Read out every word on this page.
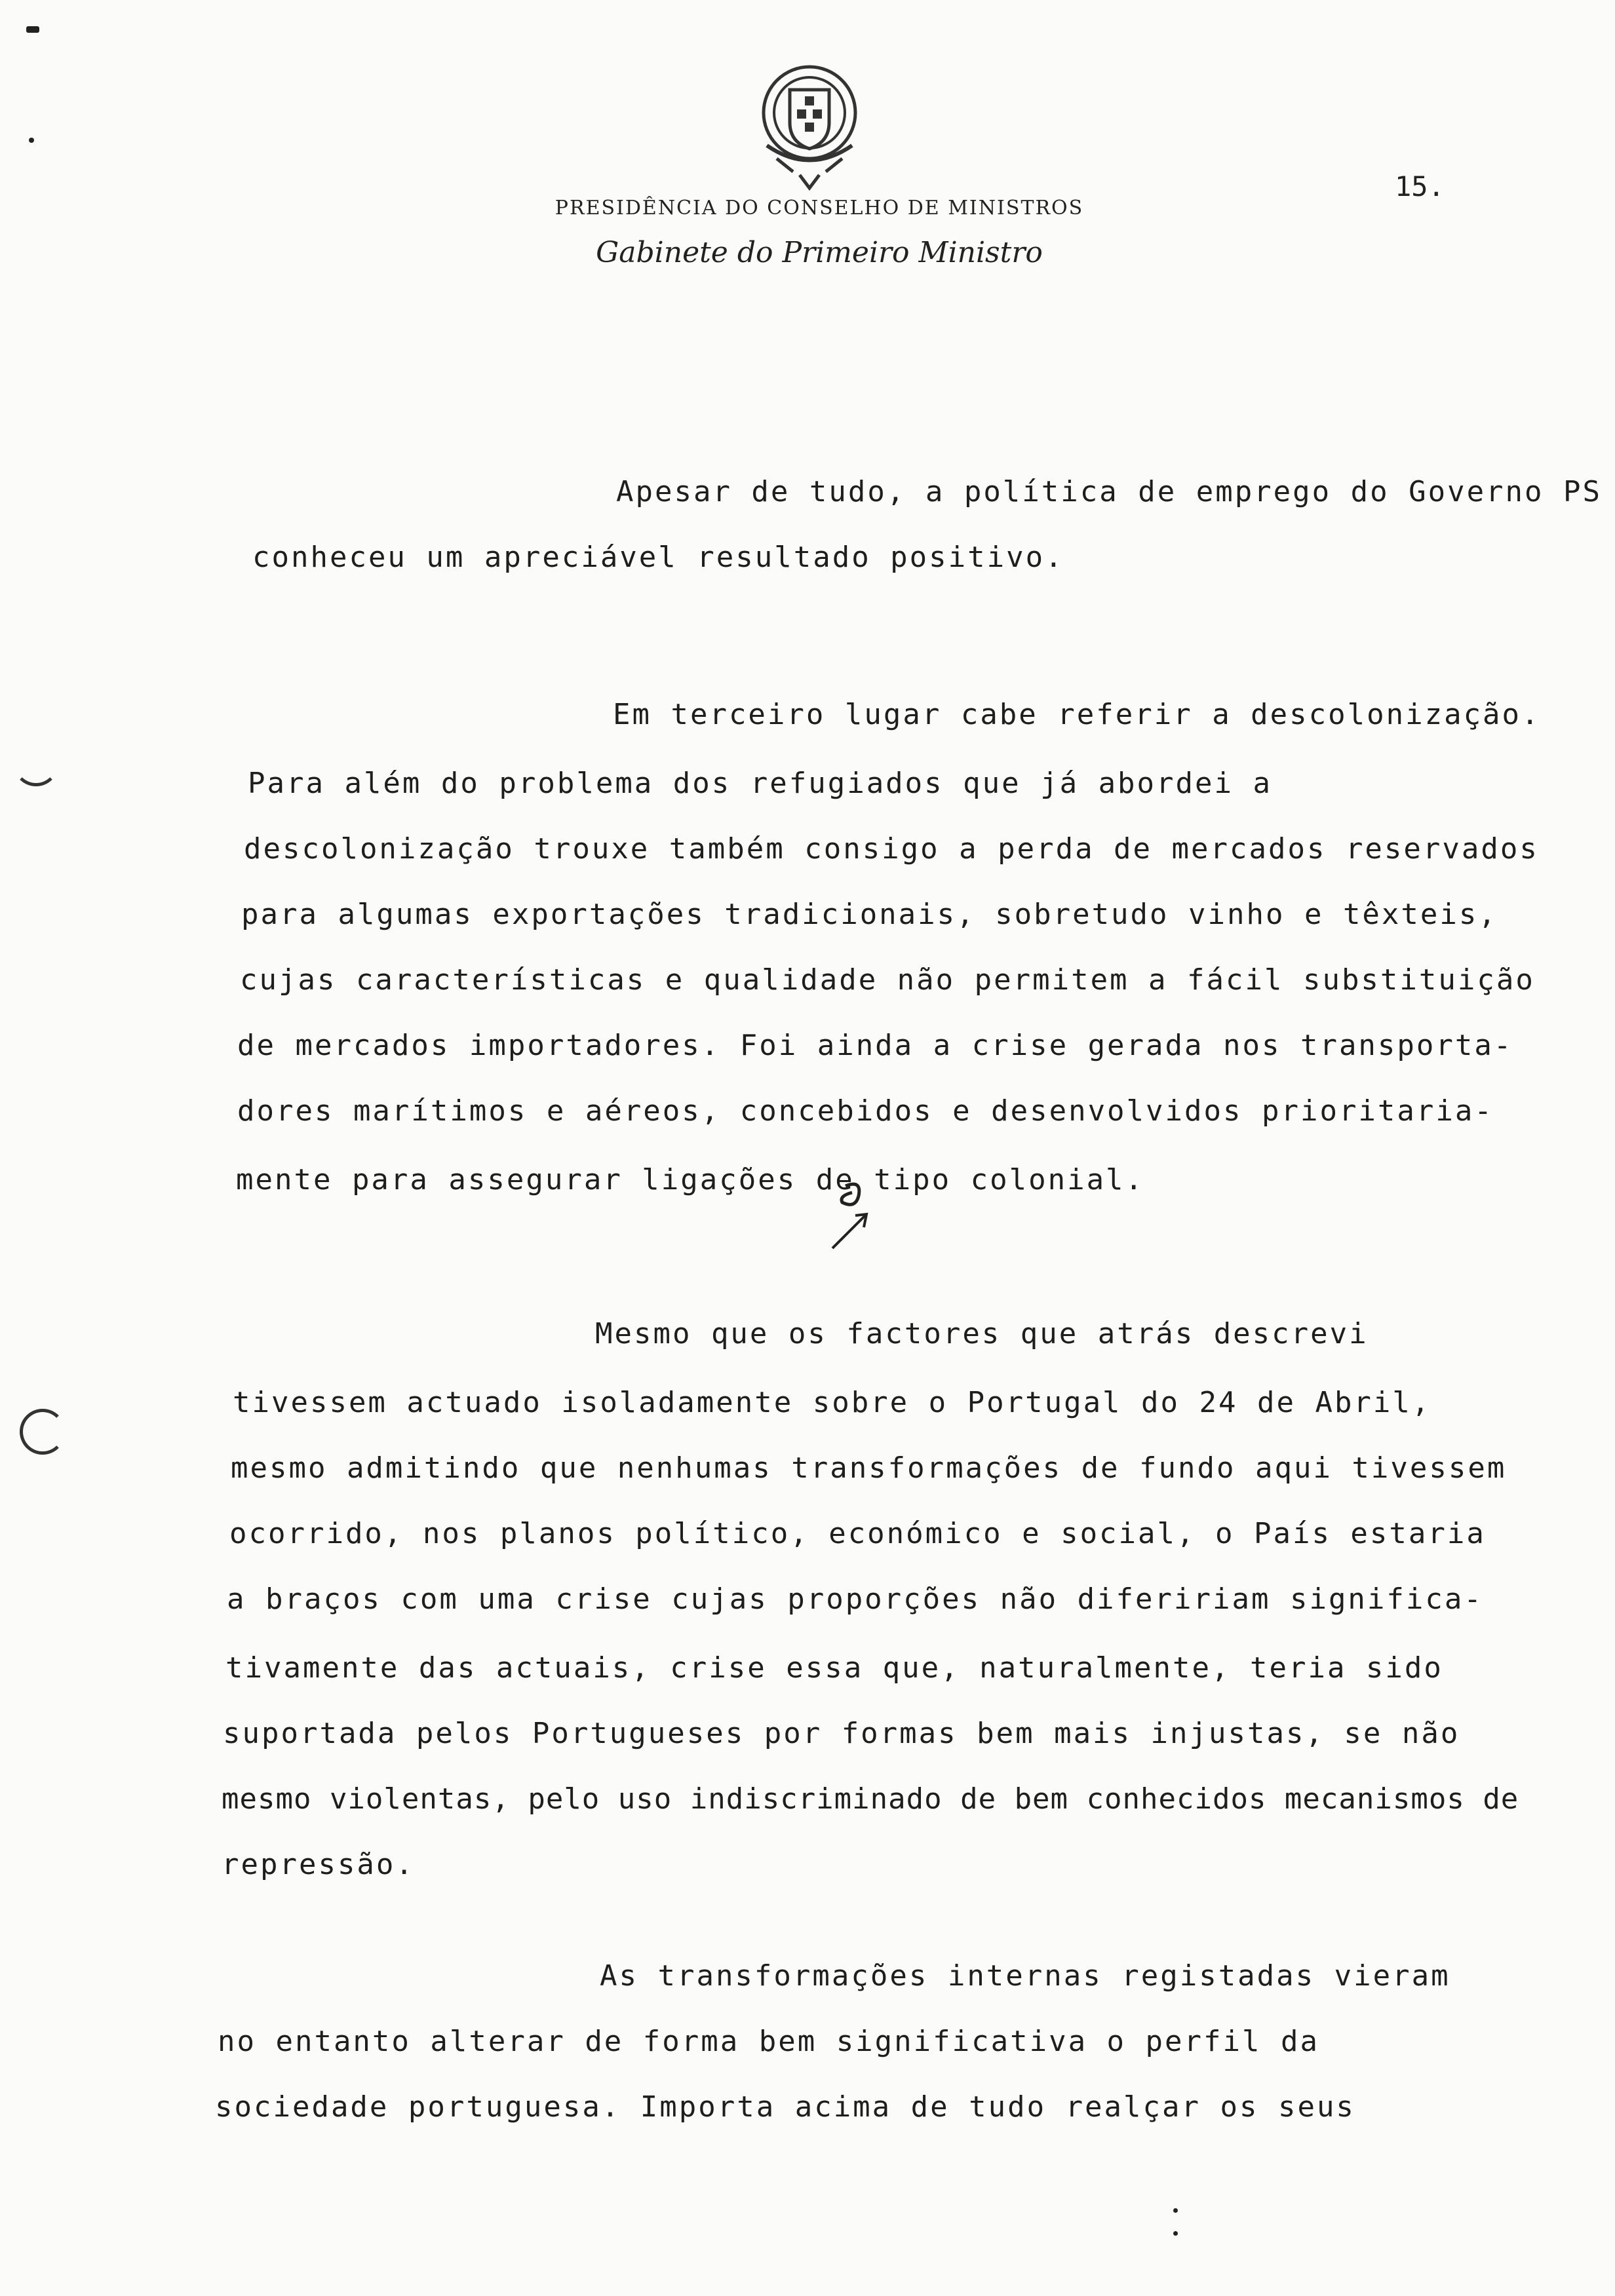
PRESIDÊNCIA DO CONSELHO DE MINISTROS
Gabinete do Primeiro Ministro
15.
Apesar de tudo, a política de emprego do Governo PS
conheceu um apreciável resultado positivo.
Em terceiro lugar cabe referir a descolonização.
Para além do problema dos refugiados que já abordei a
descolonização trouxe também consigo a perda de mercados reservados
para algumas exportações tradicionais, sobretudo vinho e têxteis,
cujas características e qualidade não permitem a fácil substituição
de mercados importadores. Foi ainda a crise gerada nos transporta-
dores marítimos e aéreos, concebidos e desenvolvidos prioritaria-
mente para assegurar ligações de tipo colonial.
Mesmo que os factores que atrás descrevi
tivessem actuado isoladamente sobre o Portugal do 24 de Abril,
mesmo admitindo que nenhumas transformações de fundo aqui tivessem
ocorrido, nos planos político, económico e social, o País estaria
a braços com uma crise cujas proporções não difeririam significa-
tivamente das actuais, crise essa que, naturalmente, teria sido
suportada pelos Portugueses por formas bem mais injustas, se não
mesmo violentas, pelo uso indiscriminado de bem conhecidos mecanismos de
repressão.
As transformações internas registadas vieram
no entanto alterar de forma bem significativa o perfil da
sociedade portuguesa. Importa acima de tudo realçar os seus
